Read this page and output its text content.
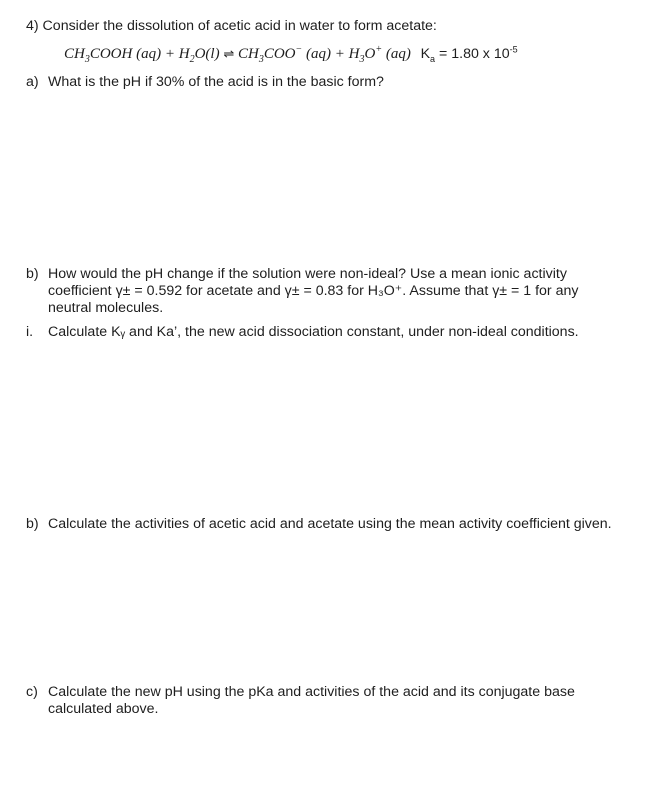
4) Consider the dissolution of acetic acid in water to form acetate:
$CH_3COOH$ $(aq) + H_2O(l)$ ⇌ $CH_3COO^-$ $(aq) + H_3O^+$ (aq) $K_a = 1.80$ x $10^{-5}$
a) What is the pH if 30% of the acid is in the basic form?
b) How would the pH change if the solution were non-ideal? Use a mean ionic activity
coefficient γ± = 0.592 for acetate and γ± = 0.83 for H₃O⁺. Assume that γ± = 1 for any
neutral molecules.
i. Calculate Kᵧ and Ka’, the new acid dissociation constant, under non-ideal conditions.
b) Calculate the activities of acetic acid and acetate using the mean activity coefficient given.
c) Calculate the new pH using the pKa and activities of the acid and its conjugate base
calculated above.
